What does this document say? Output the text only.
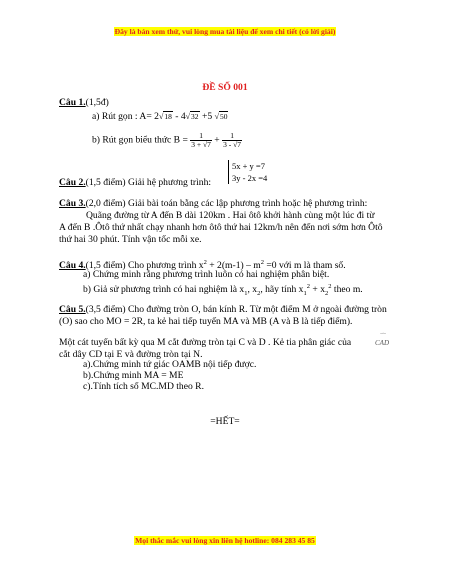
Đây là bản xem thử, vui lòng mua tài liệu để xem chi tiết (có lời giải)
ĐỀ SỐ 001
Câu 1.(1,5đ)
a) Rút gọn : A= 2√18 - 4√32 +5 √50
b) Rút gọn biểu thức $B = \frac{1}{3 + √7} + \frac{1}{3 - √7}$
5x + y =7
3y - 2x =4
Câu 2.(1,5 điểm) Giải hệ phương trình:
Câu 3.(2,0 điểm) Giải bài toán bằng các lập phương trình hoặc hệ phương trình:
Quãng đường từ A đến B dài 120km . Hai ôtô khởi hành cùng một lúc đi từ
A đến B .Ôtô thứ nhất chạy nhanh hơn ôtô thứ hai 12km/h nên đến nơi sớm hơn Ôtô
thứ hai 30 phút. Tính vận tốc mỗi xe.
Câu 4.(1,5 điểm) Cho phương trình $x^2 + 2(m-1) - m^2 =0$ với m là tham số.
a) Chứng minh rằng phương trình luôn có hai nghiệm phân biệt.
b) Giả sử phương trình có hai nghiệm là $x_1$, $x_2$, hãy tính $x_1^2 + x_2^2$ theo m.
Câu 5.(3,5 điểm) Cho đường tròn O, bán kính R. Từ một điểm M ở ngoài đường tròn
(O) sao cho MO = 2R, ta kẻ hai tiếp tuyến MA và MB (A và B là tiếp điểm).
Một cát tuyến bất kỳ qua M cắt đường tròn tại C và D . Kẻ tia phân giác của	⌒
CAD
cắt dây CD tại E và đường tròn tại N.
a).Chứng minh tứ giác OAMB nội tiếp được.
b).Chứng minh MA = ME
c).Tính tích số MC.MD theo R.
=HẾT=
Mọi thắc mắc vui lòng xin liên hệ hotline: 084 283 45 85
